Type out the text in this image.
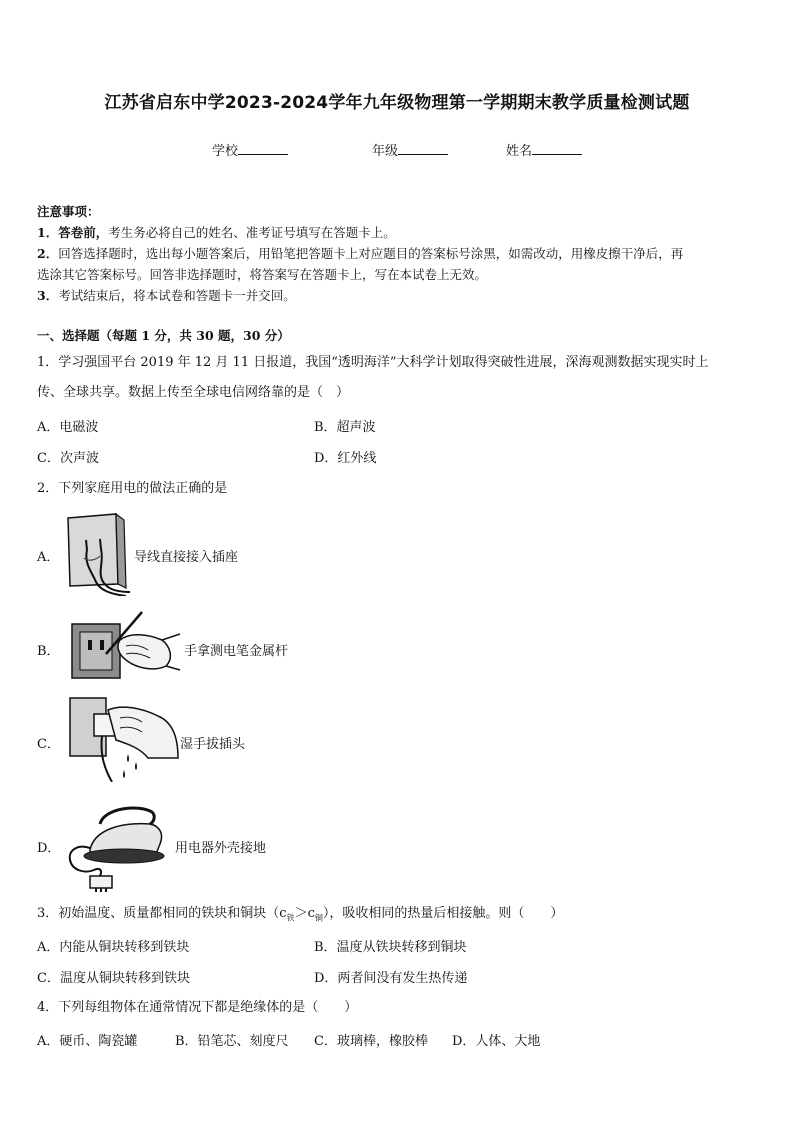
江苏省启东中学2023-2024学年九年级物理第一学期期末教学质量检测试题
学校	年级	姓名
注意事项：
1．答卷前，考生务必将自己的姓名、准考证号填写在答题卡上。
2．回答选择题时，选出每小题答案后，用铅笔把答题卡上对应题目的答案标号涂黑，如需改动，用橡皮擦干净后，再
选涂其它答案标号。回答非选择题时，将答案写在答题卡上，写在本试卷上无效。
3．考试结束后，将本试卷和答题卡一并交回。
一、选择题（每题 1 分，共 30 题，30 分）
1．学习强国平台 2019 年 12 月 11 日报道，我国“透明海洋”大科学计划取得突破性进展，深海观测数据实现实时上
传、全球共享。数据上传至全球电信网络靠的是（　）
A．电磁波	B．超声波
C．次声波	D．红外线
2．下列家庭用电的做法正确的是
A．	导线直接接入插座
B．	手拿测电笔金属杆
C．	湿手拔插头
D．	用电器外壳接地
3．初始温度、质量都相同的铁块和铜块$(c_铁>c_铜)$，吸收相同的热量后相接触。则（　　）
A．内能从铜块转移到铁块	B．温度从铁块转移到铜块
C．温度从铜块转移到铁块	D．两者间没有发生热传递
4．下列每组物体在通常情况下都是绝缘体的是（　　）
A．硬币、陶瓷罐	B．铅笔芯、刻度尺 C．玻璃棒，橡胶棒 D．人体、大地
